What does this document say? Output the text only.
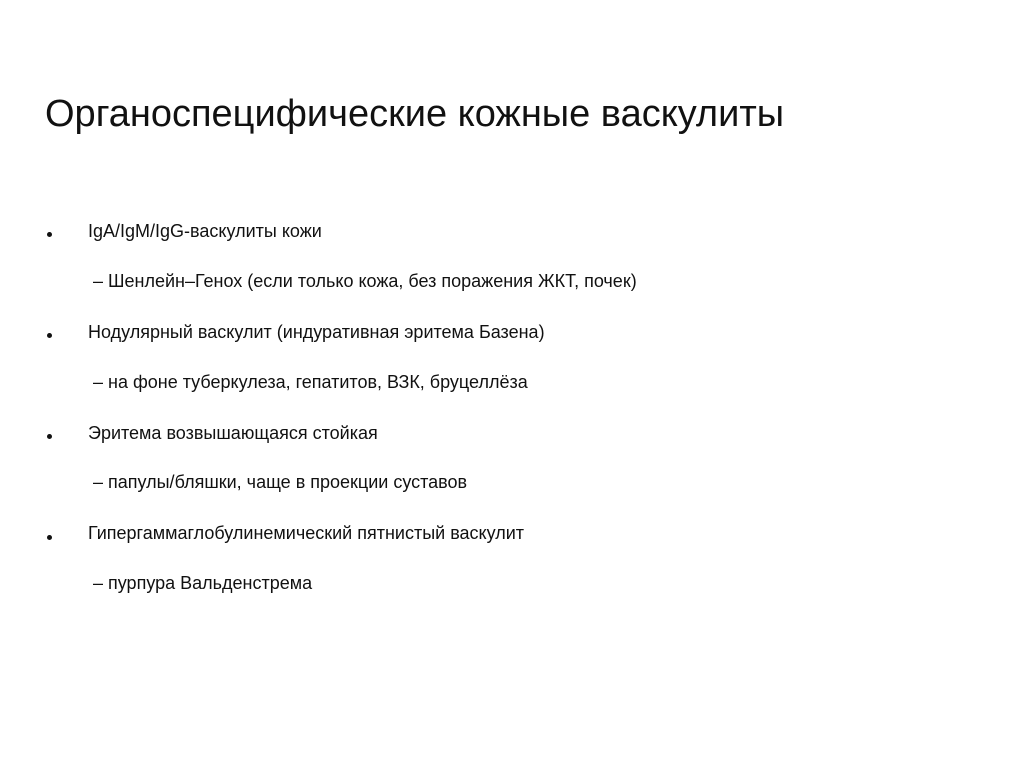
Органоспецифические кожные васкулиты
IgA/IgM/IgG-васкулиты кожи
– Шенлейн–Генох (если только кожа, без поражения ЖКТ, почек)
Нодулярный васкулит (индуративная эритема Базена)
– на фоне туберкулеза, гепатитов, ВЗК, бруцеллёза
Эритема возвышающаяся стойкая
– папулы/бляшки, чаще в проекции суставов
Гипергаммаглобулинемический пятнистый васкулит
– пурпура Вальденстрема
